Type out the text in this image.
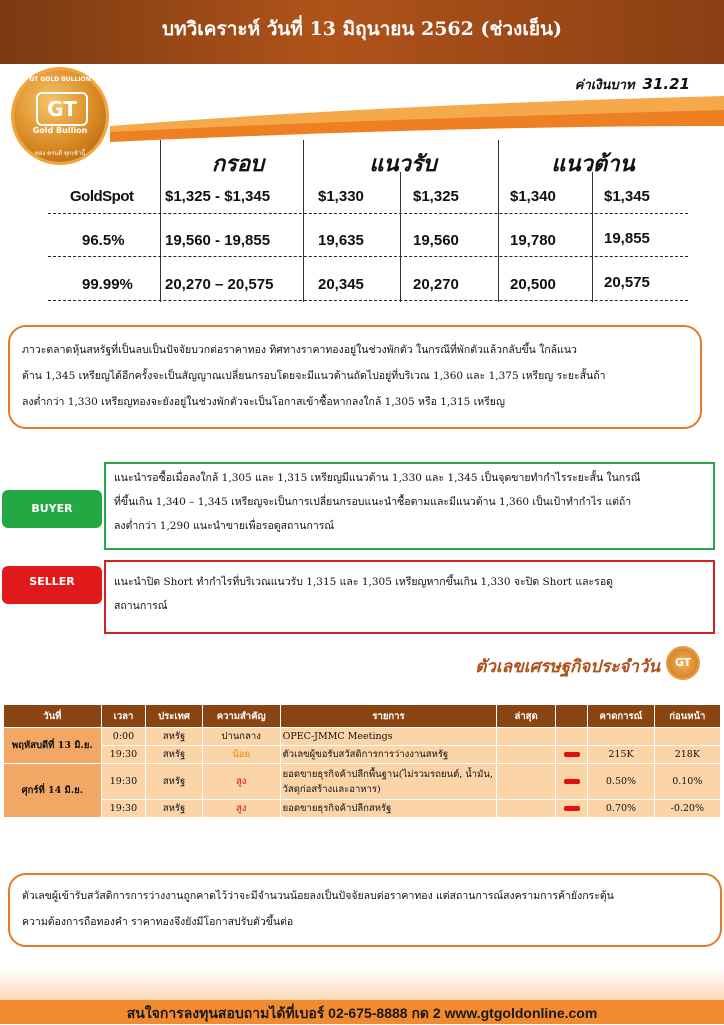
บทวิเคราะห์ วันที่ 13 มิถุนายน 2562 (ช่วงเย็น)
GT GOLD BULLION
GT
Gold Bullion
ทอง ครบดี ทุกเช้านี้
ค่าเงินบาท 31.21
กรอบ	แนวรับ	แนวต้าน
GoldSpot $1,325 - $1,345	$1,330	$1,325	$1,340	$1,345
96.5%	19,560 - 19,855	19,635	19,560	19,780	19,855
99.99% 20,270 – 20,575	20,345	20,270	20,500	20,575
ภาวะตลาดหุ้นสหรัฐที่เป็นลบเป็นปัจจัยบวกต่อราคาทอง ทิศทางราคาทองอยู่ในช่วงพักตัว ในกรณีที่พักตัวแล้วกลับขึ้น ใกล้แนว
ต้าน 1,345 เหรียญได้อีกครั้งจะเป็นสัญญาณเปลี่ยนกรอบโดยจะมีแนวต้านถัดไปอยู่ที่บริเวณ 1,360 และ 1,375 เหรียญ ระยะสั้นถ้า
ลงต่ำกว่า 1,330 เหรียญทองจะยังอยู่ในช่วงพักตัวจะเป็นโอกาสเข้าซื้อหากลงใกล้ 1,305 หรือ 1,315 เหรียญ
BUYER
แนะนำรอซื้อเมื่อลงใกล้ 1,305 และ 1,315 เหรียญมีแนวต้าน 1,330 และ 1,345 เป็นจุดขายทำกำไรระยะสั้น ในกรณี
ที่ขึ้นเกิน 1,340 – 1,345 เหรียญจะเป็นการเปลี่ยนกรอบแนะนำซื้อตามและมีแนวต้าน 1,360 เป็นเป้าทำกำไร แต่ถ้า
ลงต่ำกว่า 1,290 แนะนำขายเพื่อรอดูสถานการณ์
SELLER	แนะนำปิด Short ทำกำไรที่บริเวณแนวรับ 1,315 และ 1,305 เหรียญหากขึ้นเกิน 1,330 จะปิด Short และรอดู
สถานการณ์
ตัวเลขเศรษฐกิจประจำวัน	GT
วันที่	เวลา	ประเทศ	ความสำคัญ	รายการ	ล่าสุด		คาดการณ์	ก่อนหน้า
พฤหัสบดีที่ 13 มิ.ย.	0:00	สหรัฐ	ปานกลาง	OPEC-JMMC Meetings				
	19:30	สหรัฐ	น้อย	ตัวเลขผู้ขอรับสวัสดิการการว่างงานสหรัฐ			215K	218K
ศุกร์ที่ 14 มิ.ย.	19:30	สหรัฐ	สูง	ยอดขายธุรกิจค้าปลีกพื้นฐาน(ไม่รวมรถยนต์, น้ำมัน, วัสดุก่อสร้างและอาหาร)			0.50%	0.10%
	19:30	สหรัฐ	สูง	ยอดขายธุรกิจค้าปลีกสหรัฐ			0.70%	-0.20%
ตัวเลขผู้เข้ารับสวัสดิการการว่างงานถูกคาดไว้ว่าจะมีจำนวนน้อยลงเป็นปัจจัยลบต่อราคาทอง แต่สถานการณ์สงครามการค้ายังกระตุ้น
ความต้องการถือทองคำ ราคาทองจึงยังมีโอกาสปรับตัวขึ้นต่อ
สนใจการลงทุนสอบถามได้ที่เบอร์ 02-675-8888 กด 2 www.gtgoldonline.com
